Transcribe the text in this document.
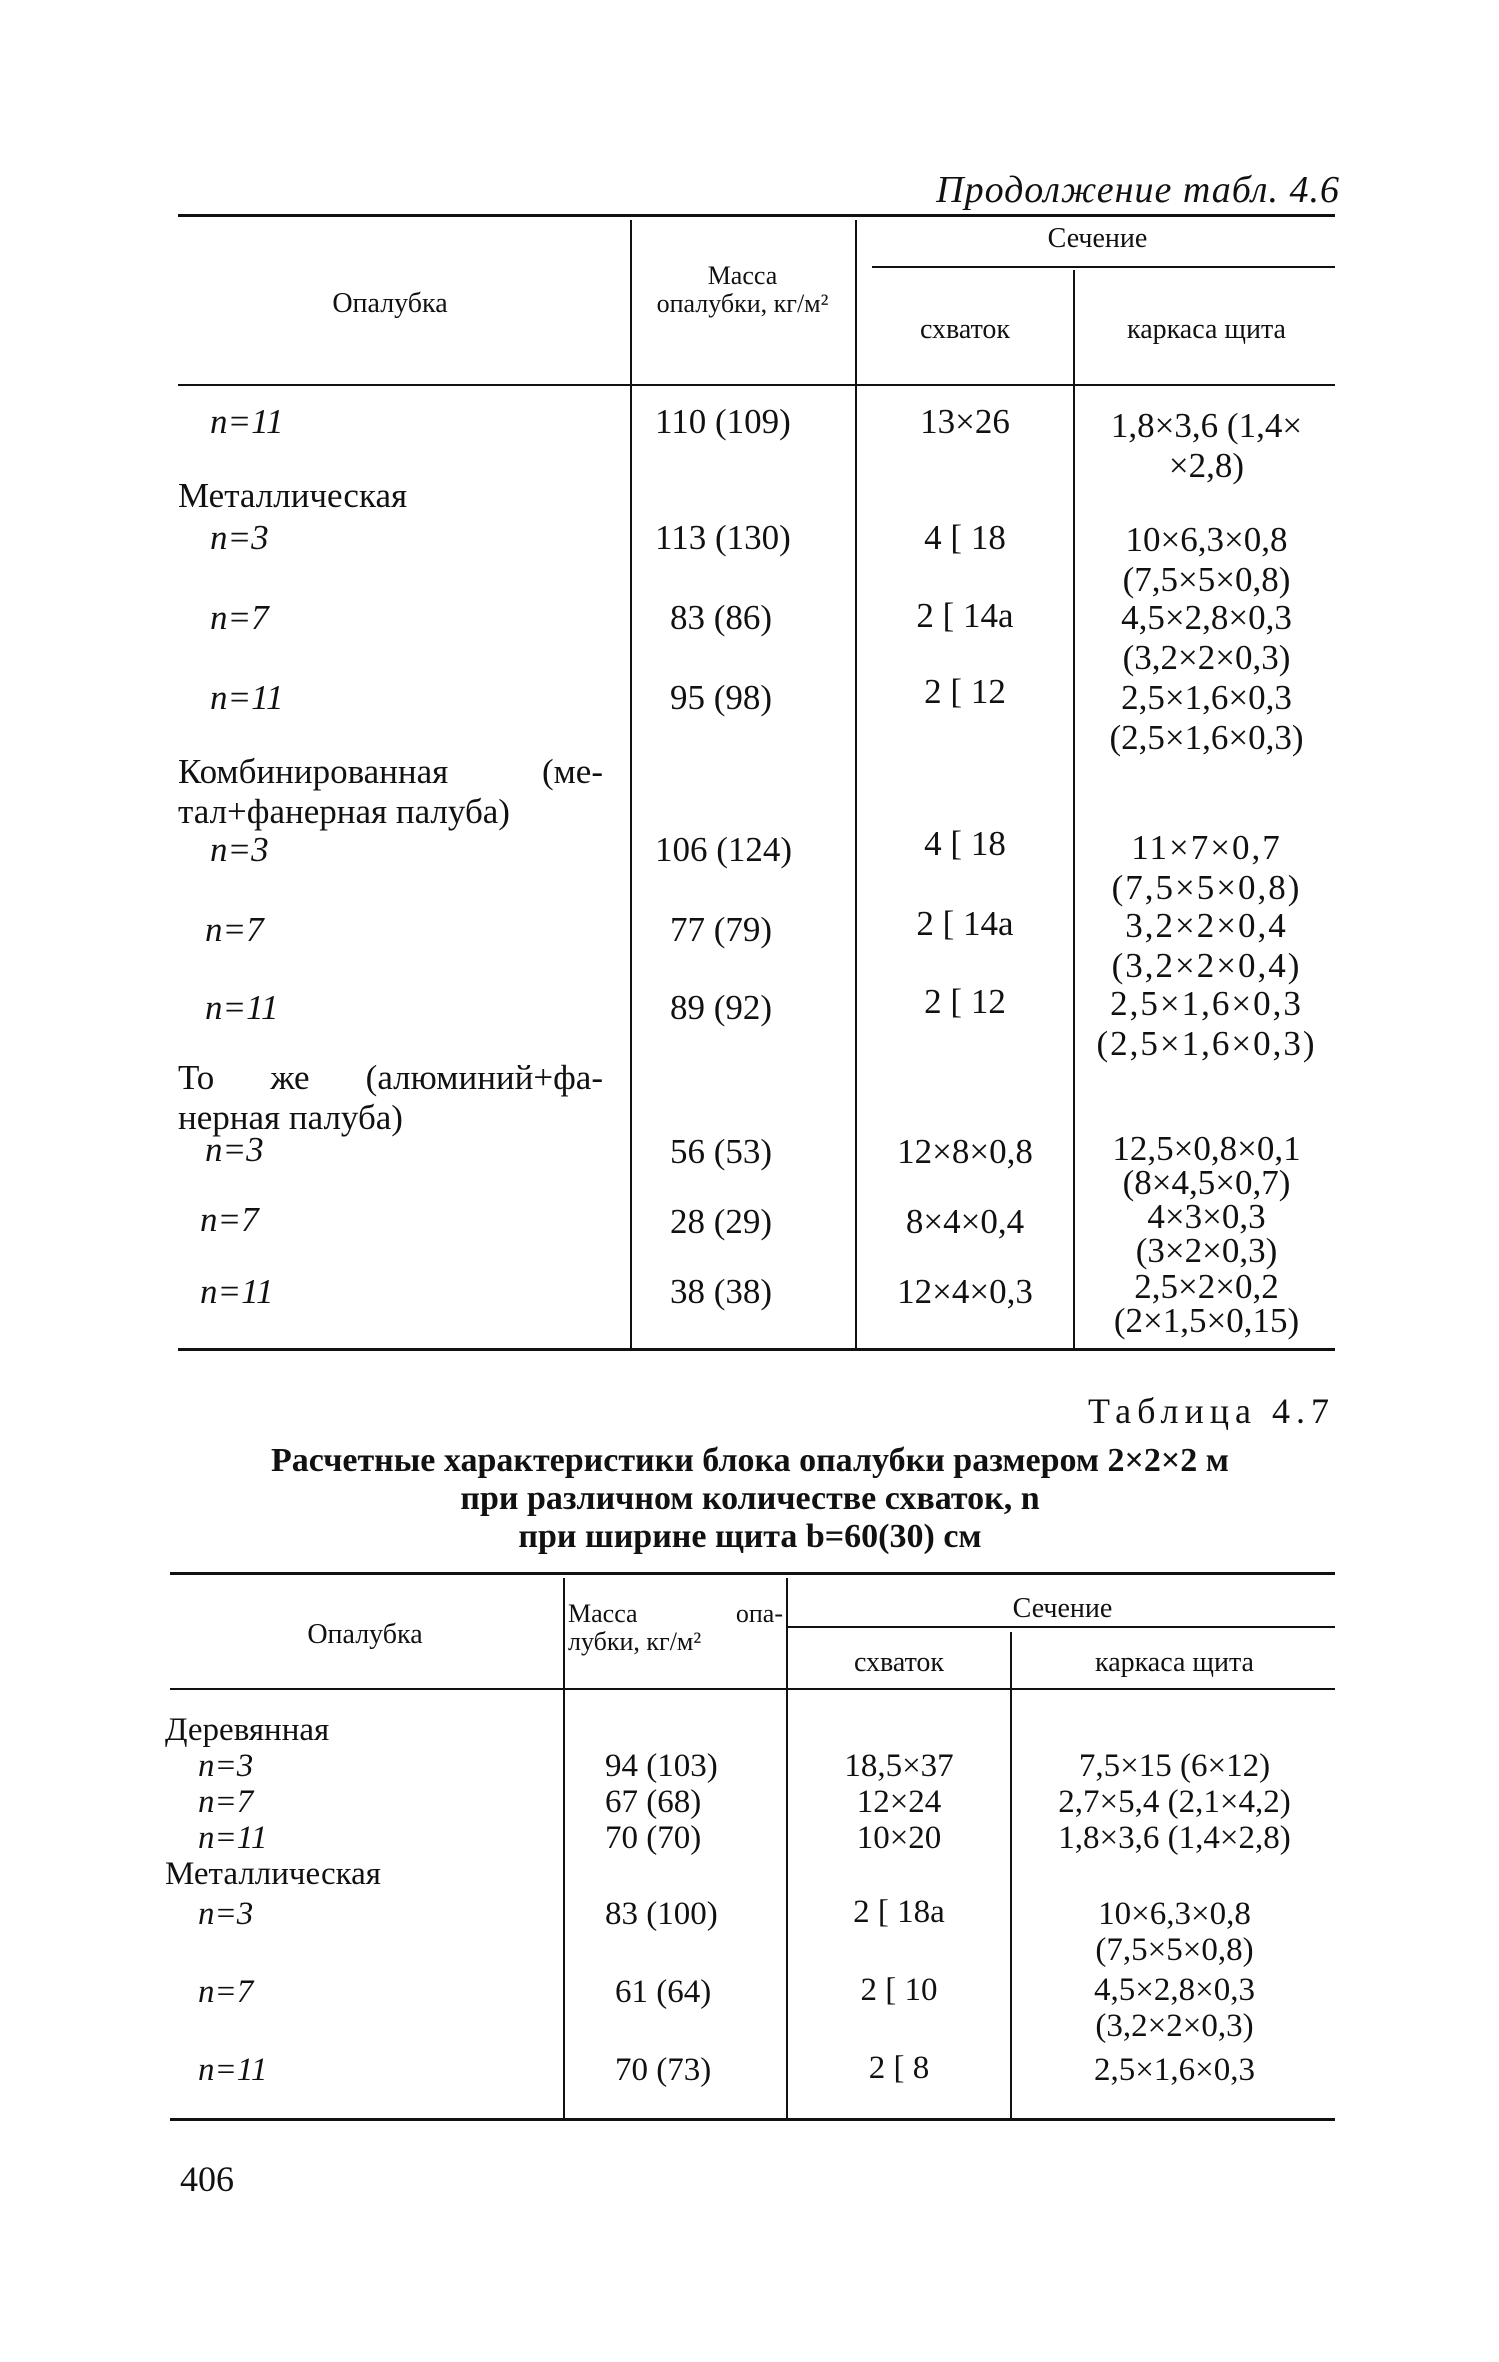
Продолжение табл. 4.6
Опалубка
Масса опалубки, кг/м²
Сечение
схваток	каркаса щита
n=11	110 (109)	13×26	1,8×3,6 (1,4×
×2,8)
Металлическая
n=3	113 (130)	4 [ 18	10×6,3×0,8
(7,5×5×0,8)
n=7	83 (86)	2 [ 14а	4,5×2,8×0,3
(3,2×2×0,3)
n=11	95 (98)	2 [ 12	2,5×1,6×0,3
(2,5×1,6×0,3)
Комбинированная (ме-
тал+фанерная палуба)
n=3	106 (124)	4 [ 18	11×7×0,7
(7,5×5×0,8)
n=7	77 (79)	2 [ 14а	3,2×2×0,4
(3,2×2×0,4)
n=11	89 (92)	2 [ 12	2,5×1,6×0,3
(2,5×1,6×0,3)
То же (алюминий+фа-
нерная палуба)
n=3	56 (53)	12×8×0,8	12,5×0,8×0,1
(8×4,5×0,7)
n=7	28 (29)	8×4×0,4	4×3×0,3
(3×2×0,3)
n=11	38 (38)	12×4×0,3	2,5×2×0,2
(2×1,5×0,15)
Таблица 4.7
Расчетные характеристики блока опалубки размером 2×2×2 м
при различном количестве схваток, n
при ширине щита b=60(30) см
Опалубка
Масса опа-
лубки, кг/м²
Сечение
схваток	каркаса щита
Деревянная
n=3	94 (103)	18,5×37	7,5×15 (6×12)
n=7	67 (68)	12×24	2,7×5,4 (2,1×4,2)
n=11	70 (70)	10×20	1,8×3,6 (1,4×2,8)
Металлическая
n=3	83 (100)	2 [ 18а	10×6,3×0,8
(7,5×5×0,8)
n=7	61 (64)	2 [ 10	4,5×2,8×0,3
(3,2×2×0,3)
n=11	70 (73)	2 [ 8	2,5×1,6×0,3
406
